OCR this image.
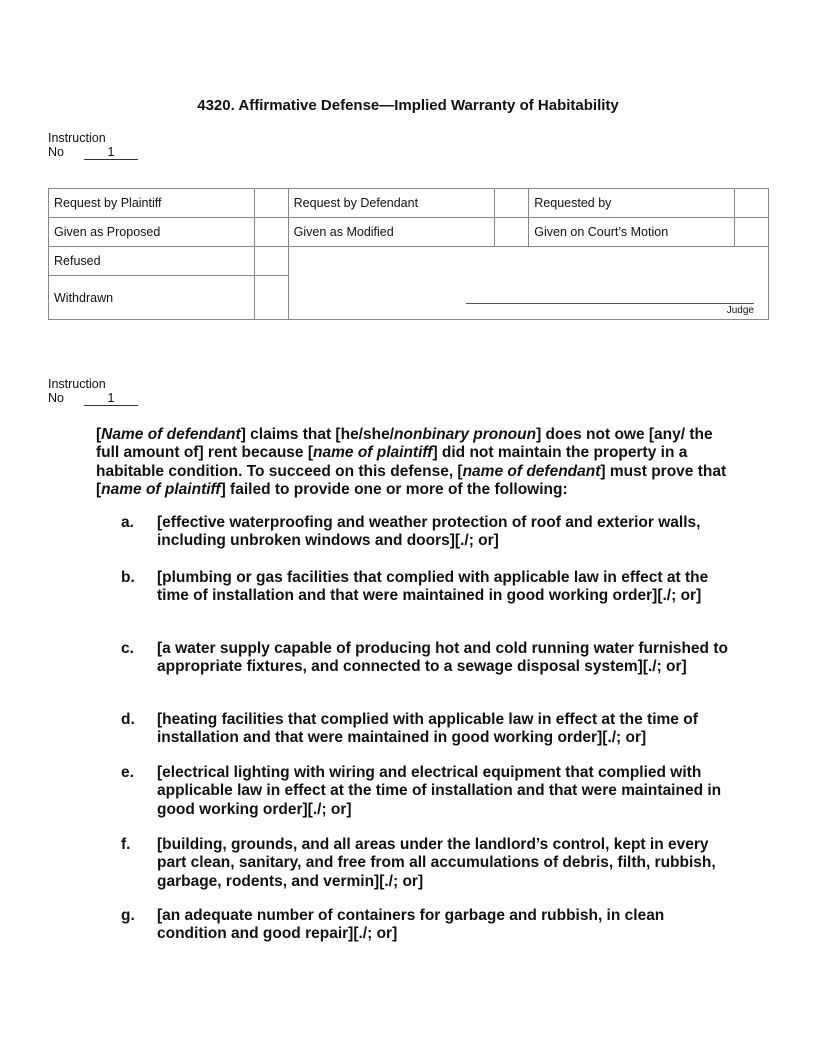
4320. Affirmative Defense—Implied Warranty of Habitability
Instruction
No	1
Request by Plaintiff		Request by Defendant		Requested by	
Given as Proposed		Given as Modified		Given on Court’s Motion	
Refused					
Withdrawn					
Judge
Instruction
No	1
[Name of defendant] claims that [he/she/nonbinary pronoun] does not owe [any/ the full amount of] rent because [name of plaintiff] did not maintain the property in a habitable condition. To succeed on this defense, [name of defendant] must prove that [name of plaintiff] failed to provide one or more of the following:
a. [effective waterproofing and weather protection of roof and exterior walls, including unbroken windows and doors][./; or]
b. [plumbing or gas facilities that complied with applicable law in effect at the time of installation and that were maintained in good working order][./; or]
c. [a water supply capable of producing hot and cold running water furnished to appropriate fixtures, and connected to a sewage disposal system][./; or]
d. [heating facilities that complied with applicable law in effect at the time of installation and that were maintained in good working order][./; or]
e. [electrical lighting with wiring and electrical equipment that complied with applicable law in effect at the time of installation and that were maintained in good working order][./; or]
f. [building, grounds, and all areas under the landlord’s control, kept in every part clean, sanitary, and free from all accumulations of debris, filth, rubbish, garbage, rodents, and vermin][./; or]
g. [an adequate number of containers for garbage and rubbish, in clean condition and good repair][./; or]
